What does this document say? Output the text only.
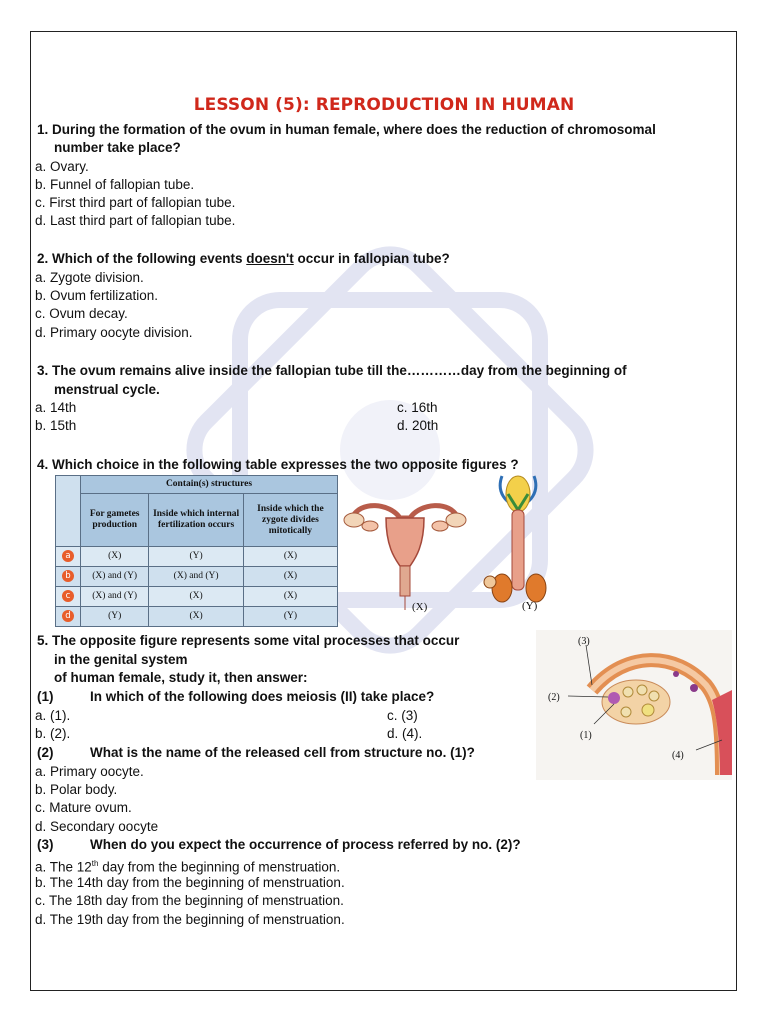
LESSON (5): REPRODUCTION IN HUMAN
1. During the formation of the ovum in human female, where does the reduction of chromosomal
number take place?
a. Ovary.
b. Funnel of fallopian tube.
c. First third part of fallopian tube.
d. Last third part of fallopian tube.
2. Which of the following events doesn't occur in fallopian tube?
a. Zygote division.
b. Ovum fertilization.
c. Ovum decay.
d. Primary oocyte division.
3. The ovum remains alive inside the fallopian tube till the…………day from the beginning of
menstrual cycle.
a. 14th
b. 15th
c. 16th
d. 20th
4. Which choice in the following table expresses the two opposite figures ?
	Contain(s) structures		
	For gametes production	Inside which internal fertilization occurs	Inside which the zygote divides mitotically
a	(X)	(Y)	(X)
b	(X) and (Y)	(X) and (Y)	(X)
c	(X) and (Y)	(X)	(X)
d	(Y)	(X)	(Y)
(X)	(Y)
5. The opposite figure represents some vital processes that occur
in the genital system
of human female, study it, then answer:
(3)
(2)
(1)
(4)
(1)	In which of the following does meiosis (II) take place?
a. (1).
b. (2).
c. (3)
d. (4).
(2)	What is the name of the released cell from structure no. (1)?
a. Primary oocyte.
b. Polar body.
c. Mature ovum.
d. Secondary oocyte
(3)	When do you expect the occurrence of process referred by no. (2)?
a. The 12th day from the beginning of menstruation.
b. The 14th day from the beginning of menstruation.
c. The 18th day from the beginning of menstruation.
d. The 19th day from the beginning of menstruation.
